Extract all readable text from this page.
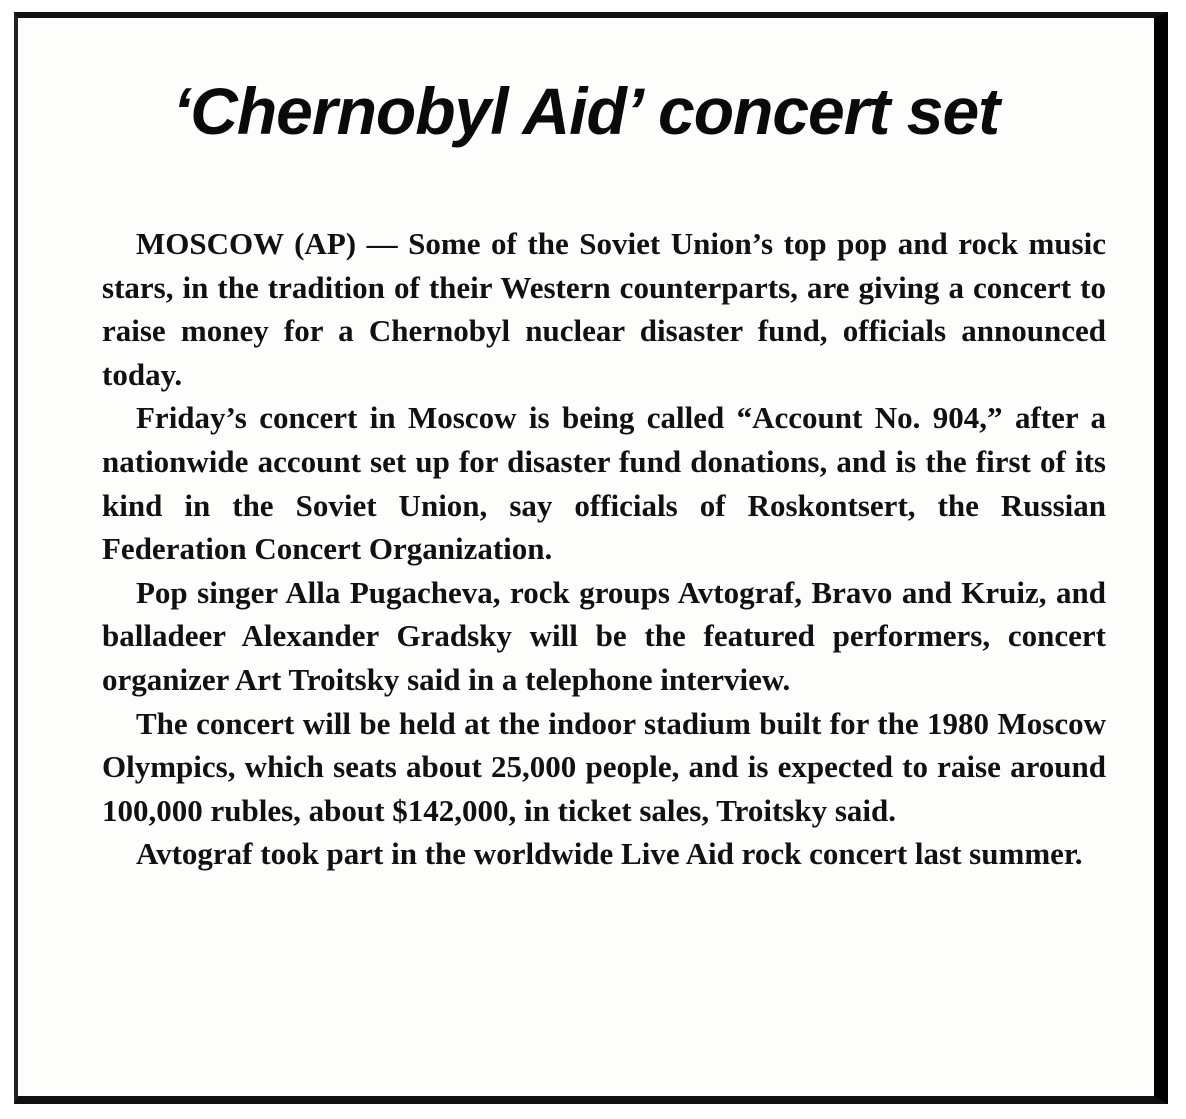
‘Chernobyl Aid’ concert set

MOSCOW (AP) — Some of the Soviet Union’s top pop and rock music stars, in the tradition of their Western counterparts, are giving a concert to raise money for a Chernobyl nuclear disaster fund, officials announced today.

Friday’s concert in Moscow is being called “Account No. 904,” after a nationwide account set up for disaster fund donations, and is the first of its kind in the Soviet Union, say officials of Roskontsert, the Russian Federation Concert Organization.

Pop singer Alla Pugacheva, rock groups Avtograf, Bravo and Kruiz, and balladeer Alexander Gradsky will be the featured performers, concert organizer Art Troitsky said in a telephone interview.

The concert will be held at the indoor stadium built for the 1980 Moscow Olympics, which seats about 25,000 people, and is expected to raise around 100,000 rubles, about $142,000, in ticket sales, Troitsky said.

Avtograf took part in the worldwide Live Aid rock concert last summer.
